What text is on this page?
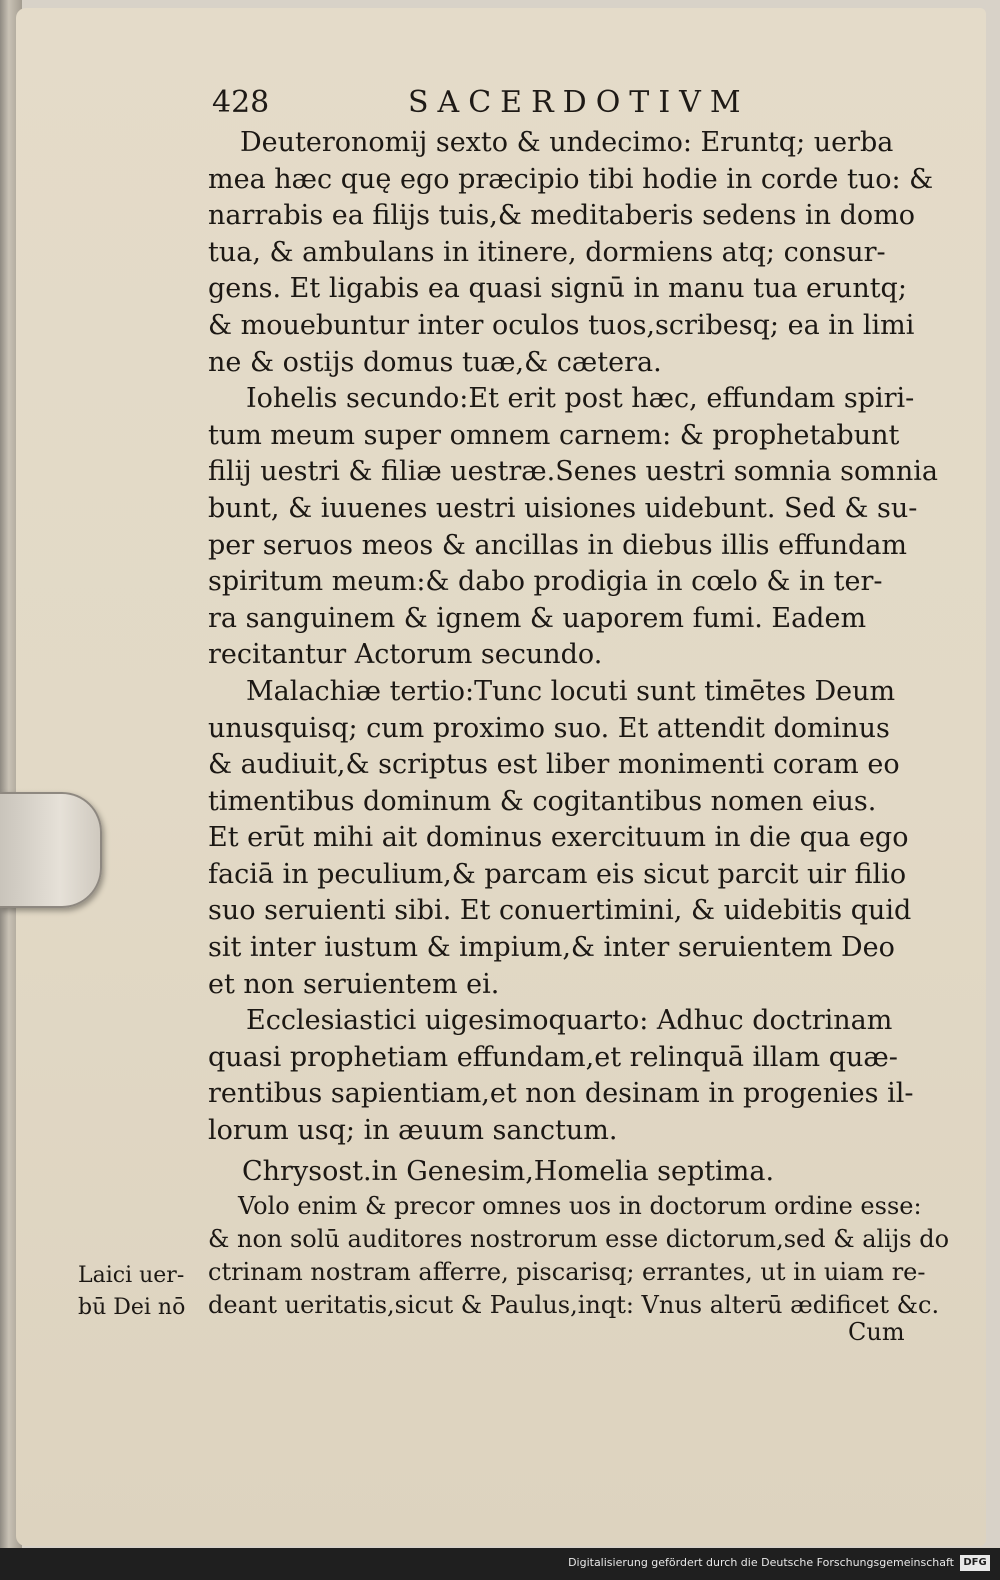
428	SACERDOTIVM
Deuteronomij sexto & undecimo: Eruntq; uerba
mea hæc quę ego præcipio tibi hodie in corde tuo: &
narrabis ea filijs tuis,& meditaberis sedens in domo
tua, & ambulans in itinere, dormiens atq; consur-
gens. Et ligabis ea quasi signū in manu tua eruntq;
& mouebuntur inter oculos tuos,scribesq; ea in limi
ne & ostijs domus tuæ,& cætera.
Iohelis secundo:Et erit post hæc, effundam spiri-
tum meum super omnem carnem: & prophetabunt
filij uestri & filiæ uestræ.Senes uestri somnia somnia
bunt, & iuuenes uestri uisiones uidebunt. Sed & su-
per seruos meos & ancillas in diebus illis effundam
spiritum meum:& dabo prodigia in cœlo & in ter-
ra sanguinem & ignem & uaporem fumi. Eadem
recitantur Actorum secundo.
Malachiæ tertio:Tunc locuti sunt timētes Deum
unusquisq; cum proximo suo. Et attendit dominus
& audiuit,& scriptus est liber monimenti coram eo
timentibus dominum & cogitantibus nomen eius.
Et erūt mihi ait dominus exercituum in die qua ego
faciā in peculium,& parcam eis sicut parcit uir filio
suo seruienti sibi. Et conuertimini, & uidebitis quid
sit inter iustum & impium,& inter seruientem Deo
et non seruientem ei.
Ecclesiastici uigesimoquarto: Adhuc doctrinam
quasi prophetiam effundam,et relinquā illam quæ-
rentibus sapientiam,et non desinam in progenies il-
lorum usq; in æuum sanctum.
Chrysost.in Genesim,Homelia septima.
Volo enim & precor omnes uos in doctorum ordine esse:
& non solū auditores nostrorum esse dictorum,sed & alijs do
ctrinam nostram afferre, piscarisq; errantes, ut in uiam re-
deant ueritatis,sicut & Paulus,inqt: Vnus alterū ædificet &c.
Laici uer-
bū Dei nō
Cum
Digitalisierung gefördert durch die Deutsche Forschungsgemeinschaft DFG
